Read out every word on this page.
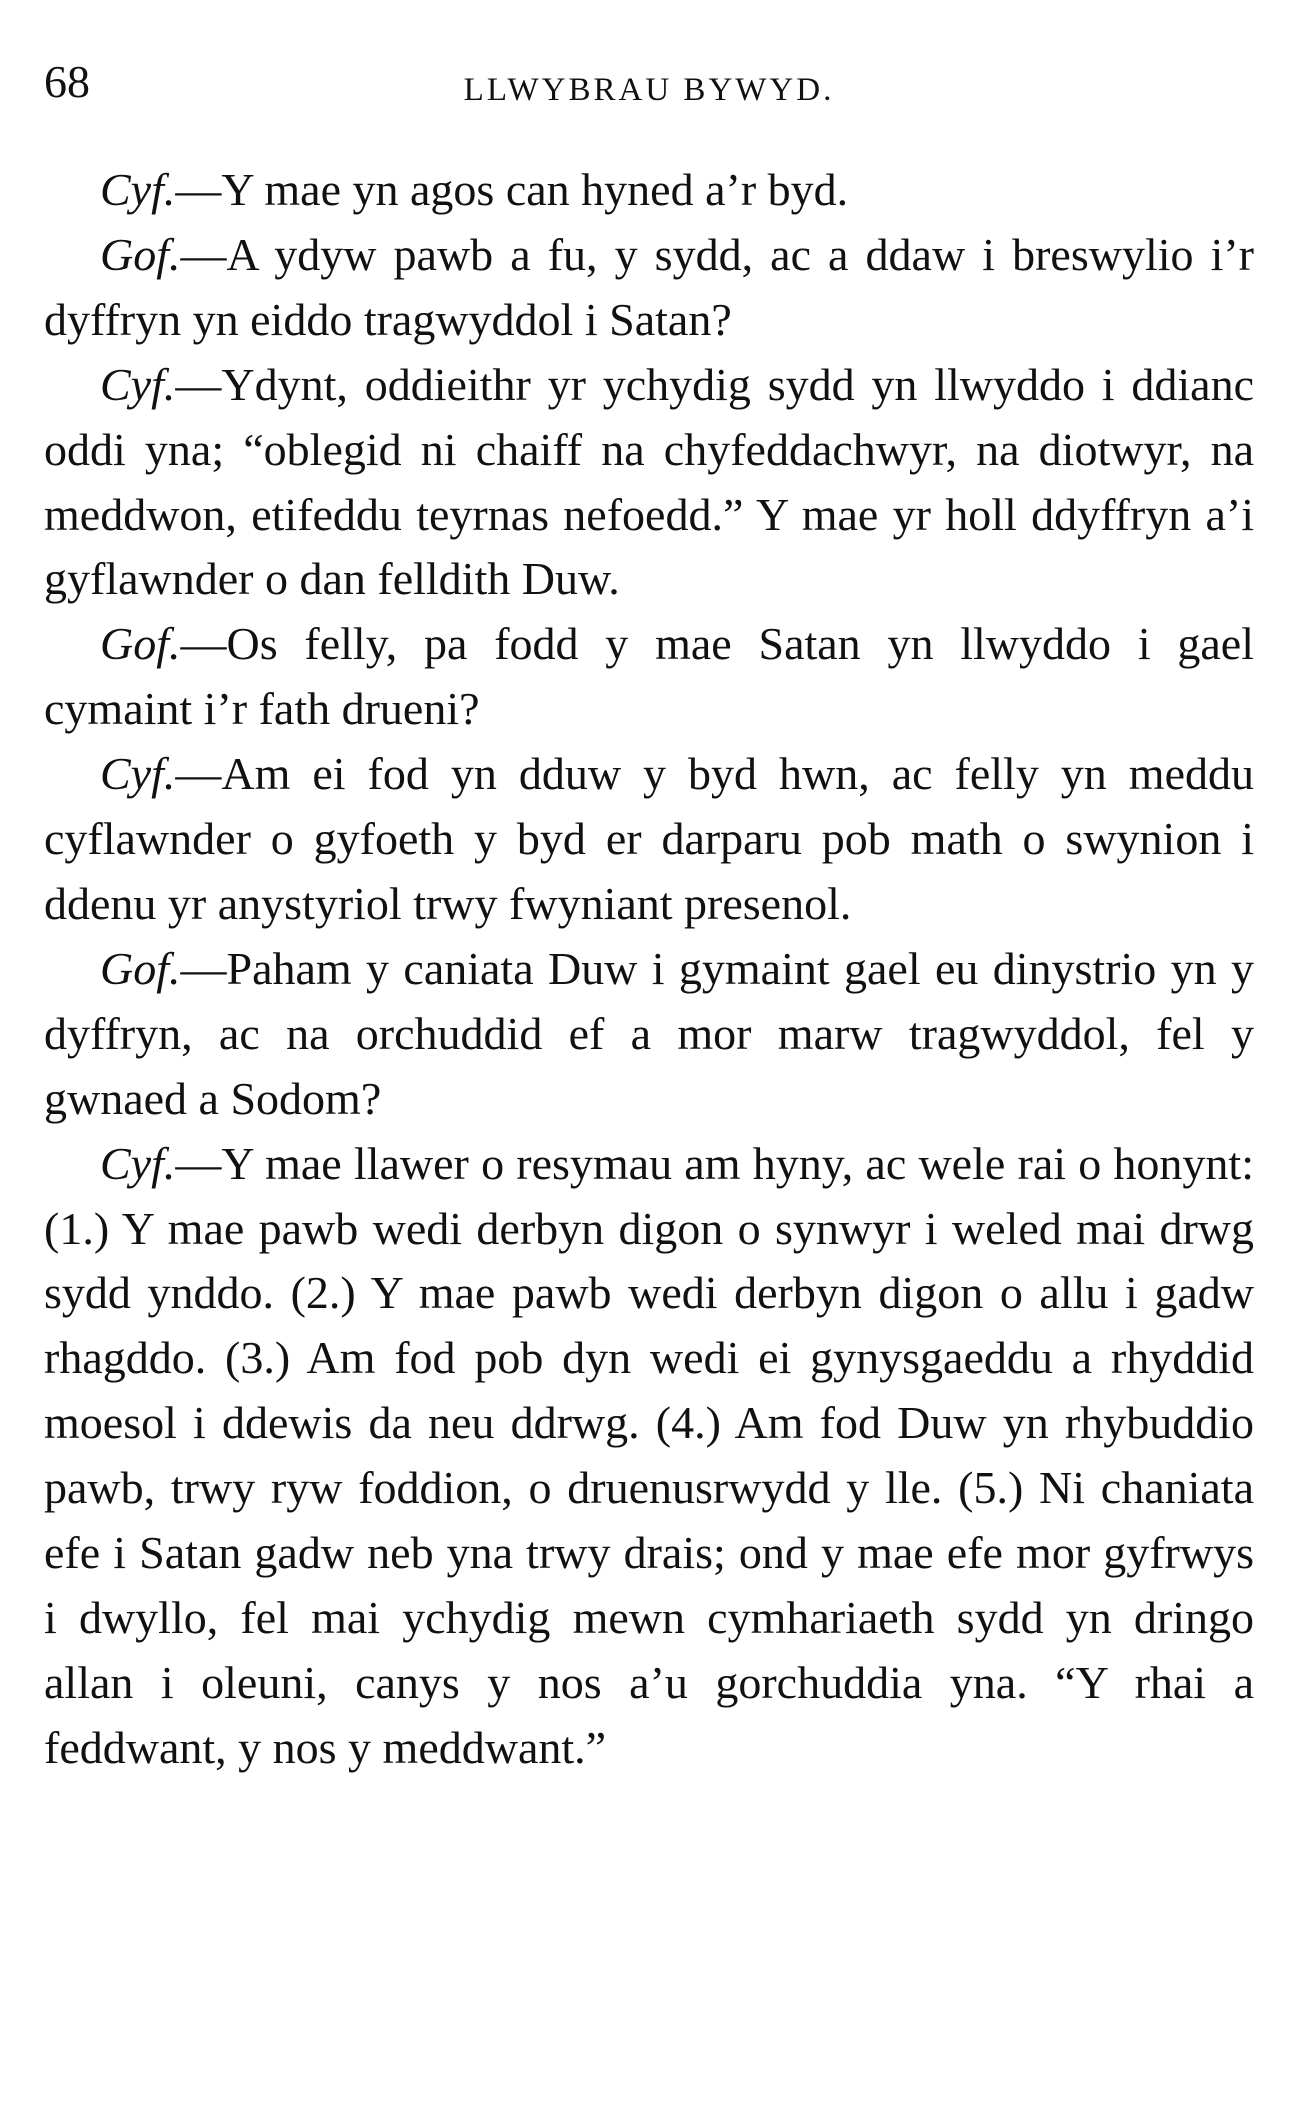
68	LLWYBRAU BYWYD.

Cyf.—Y mae yn agos can hyned a’r byd.

Gof.—A ydyw pawb a fu, y sydd, ac a ddaw i breswylio i’r dyffryn yn eiddo tragwyddol i Satan?

Cyf.—Ydynt, oddieithr yr ychydig sydd yn llwyddo i ddianc oddi yna; “oblegid ni chaiff na chyfeddachwyr, na diotwyr, na meddwon, etifeddu teyrnas nefoedd.” Y mae yr holl ddyffryn a’i gyflawnder o dan felldith Duw.

Gof.—Os felly, pa fodd y mae Satan yn llwyddo i gael cymaint i’r fath drueni?

Cyf.—Am ei fod yn dduw y byd hwn, ac felly yn meddu cyflawnder o gyfoeth y byd er darparu pob math o swynion i ddenu yr anystyriol trwy fwyniant presenol.

Gof.—Paham y caniata Duw i gymaint gael eu dinystrio yn y dyffryn, ac na orchuddid ef a mor marw tragwyddol, fel y gwnaed a Sodom?

Cyf.—Y mae llawer o resymau am hyny, ac wele rai o honynt: (1.) Y mae pawb wedi derbyn digon o synwyr i weled mai drwg sydd ynddo. (2.) Y mae pawb wedi derbyn digon o allu i gadw rhagddo. (3.) Am fod pob dyn wedi ei gynysgaeddu a rhyddid moesol i ddewis da neu ddrwg. (4.) Am fod Duw yn rhybuddio pawb, trwy ryw foddion, o druenusrwydd y lle. (5.) Ni chaniata efe i Satan gadw neb yna trwy drais; ond y mae efe mor gyfrwys i dwyllo, fel mai ychydig mewn cymhariaeth sydd yn dringo allan i oleuni, canys y nos a’u gorchuddia yna. “Y rhai a feddwant, y nos y meddwant.”
